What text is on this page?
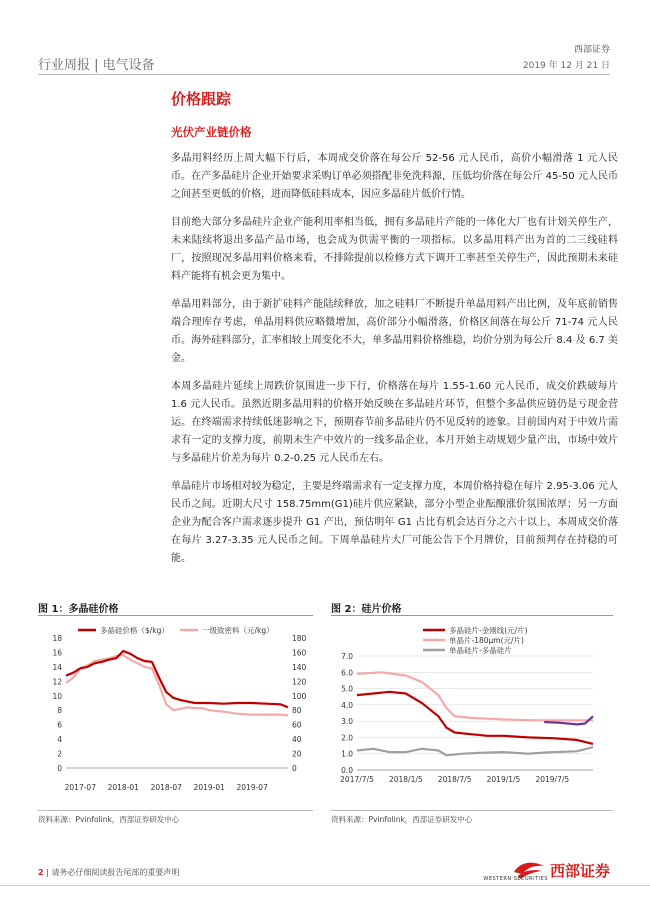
西部证券
行业周报 | 电气设备	2019 年 12 月 21 日
价格跟踪
光伏产业链价格

多晶用料经历上周大幅下行后，本周成交价落在每公斤 52-56 元人民币，高价小幅滑落 1 元人民币。在产多晶硅片企业开始要求采购订单必须搭配非免洗料源，压低均价落在每公斤 45-50 元人民币之间甚至更低的价格，进而降低硅料成本，因应多晶硅片低价行情。

目前绝大部分多晶硅片企业产能利用率相当低，拥有多晶硅片产能的一体化大厂也有计划关停生产，未来陆续将退出多晶产品市场，也会成为供需平衡的一项指标。以多晶用料产出为首的二三线硅料厂，按照现况多晶用料价格来看，不排除提前以检修方式下调开工率甚至关停生产，因此预期未来硅料产能将有机会更为集中。

单晶用料部分，由于新扩硅料产能陆续释放，加之硅料厂不断提升单晶用料产出比例，及年底前销售端合理库存考虑，单晶用料供应略微增加，高价部分小幅滑落，价格区间落在每公斤 71-74 元人民币。海外硅料部分，汇率相较上周变化不大，单多晶用料价格维稳，均价分别为每公斤 8.4 及 6.7 美金。

本周多晶硅片延续上周跌价氛围进一步下行，价格落在每片 1.55-1.60 元人民币，成交价跌破每片 1.6 元人民币。虽然近期多晶用料的价格开始反映在多晶硅片环节，但整个多晶供应链仍是亏现金营运。在终端需求持续低迷影响之下，预期春节前多晶硅片仍不见反转的迹象。目前国内对于中效片需求有一定的支撑力度，前期未生产中效片的一线多晶企业，本月开始主动规划少量产出，市场中效片与多晶硅片价差为每片 0.2-0.25 元人民币左右。

单晶硅片市场相对较为稳定，主要是终端需求有一定支撑力度，本周价格持稳在每片 2.95-3.06 元人民币之间。近期大尺寸 158.75mm(G1)硅片供应紧缺，部分小型企业酝酿涨价氛围浓厚；另一方面企业为配合客户需求逐步提升 G1 产出，预估明年 G1 占比有机会达百分之六十以上，本周成交价落在每片 3.27-3.35 元人民币之间。下周单晶硅片大厂可能公告下个月牌价，目前预判存在持稳的可能。

图 1：多晶硅价格
0
2
4
6
8
10
12
14
16
18
0
20
40
60
80
100
120
140
160
180
2017-07 2018-01 2018-07 2019-01 2019-07
多晶硅价格（$/kg）	一级致密料（元/kg）
资料来源：Pvinfolink，西部证券研发中心
图 2：硅片价格
0.0
1.0
2.0
3.0
4.0
5.0
6.0
7.0
2017/7/5 2018/1/5 2018/7/5 2019/1/5 2019/7/5
多晶硅片-金刚线(元/片)
单晶片-180μm(元/片)
单晶硅片-多晶硅片
资料来源：Pvinfolink，西部证券研发中心
2 | 请务必仔细阅读报告尾部的重要声明
WESTERN SECURITIES 西部证券
